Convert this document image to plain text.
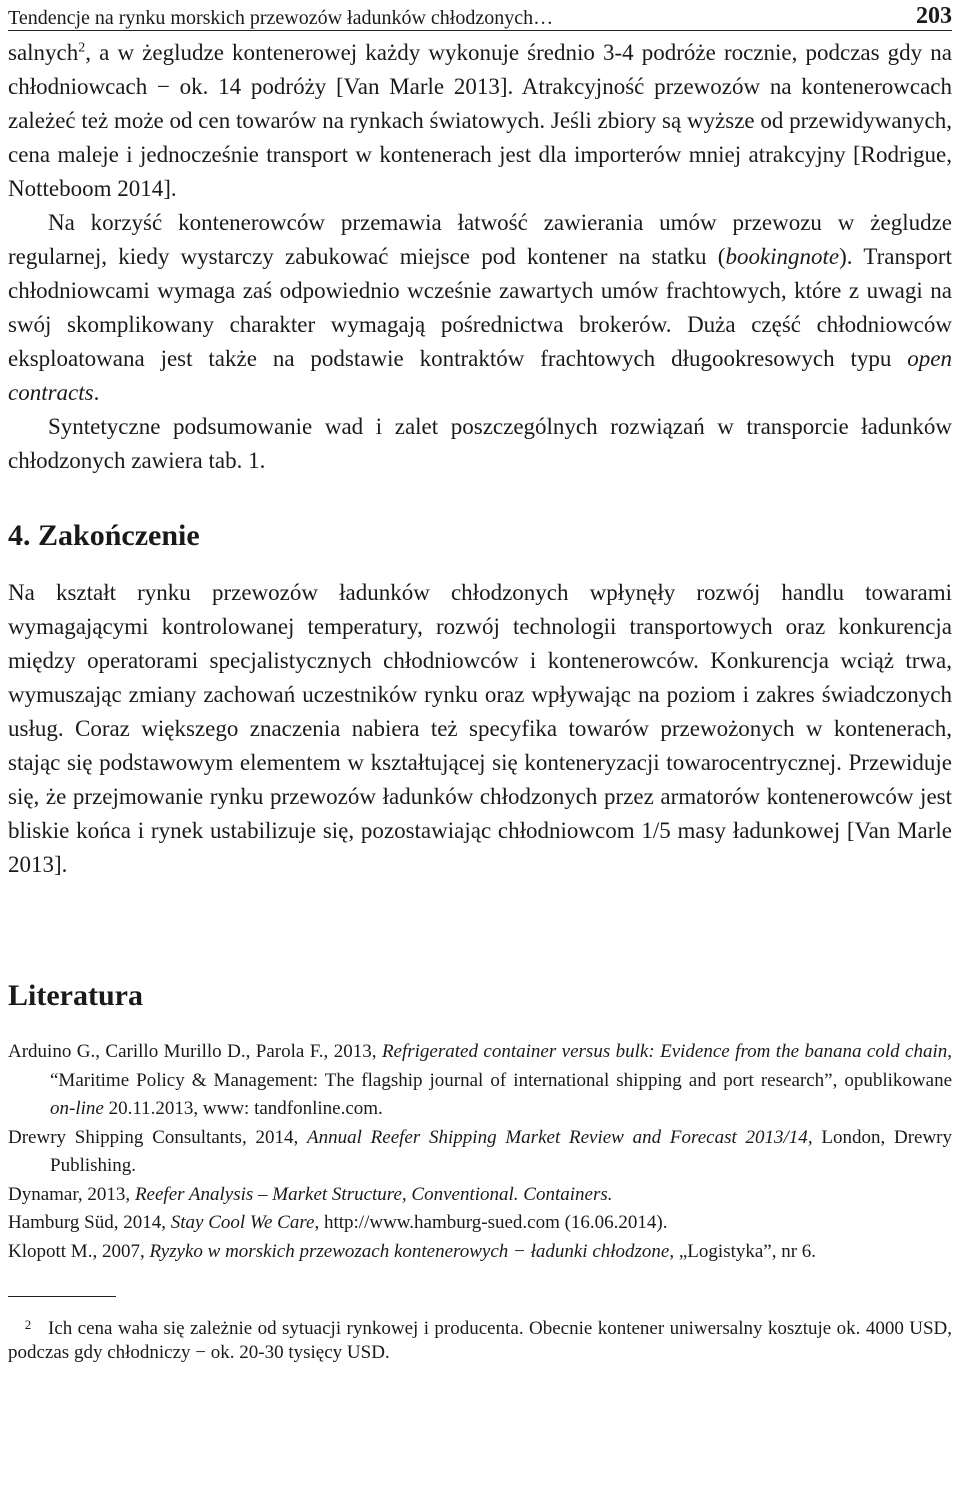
Tendencje na rynku morskich przewozów ładunków chłodzonych…	203

salnych$^2$, a w żegludze kontenerowej każdy wykonuje średnio 3-4 podróże rocznie, podczas gdy na chłodniowcach − ok. 14 podróży [Van Marle 2013]. Atrakcyjność przewozów na kontenerowcach zależeć też może od cen towarów na rynkach światowych. Jeśli zbiory są wyższe od przewidywanych, cena maleje i jednocześnie transport w kontenerach jest dla importerów mniej atrakcyjny [Rodrigue, Notteboom 2014].

Na korzyść kontenerowców przemawia łatwość zawierania umów przewozu w żegludze regularnej, kiedy wystarczy zabukować miejsce pod kontener na statku (bookingnote). Transport chłodniowcami wymaga zaś odpowiednio wcześnie zawartych umów frachtowych, które z uwagi na swój skomplikowany charakter wymagają pośrednictwa brokerów. Duża część chłodniowców eksploatowana jest także na podstawie kontraktów frachtowych długookresowych typu open contracts.

Syntetyczne podsumowanie wad i zalet poszczególnych rozwiązań w transporcie ładunków chłodzonych zawiera tab. 1.

4. Zakończenie

Na kształt rynku przewozów ładunków chłodzonych wpłynęły rozwój handlu towarami wymagającymi kontrolowanej temperatury, rozwój technologii transportowych oraz konkurencja między operatorami specjalistycznych chłodniowców i kontenerowców. Konkurencja wciąż trwa, wymuszając zmiany zachowań uczestników rynku oraz wpływając na poziom i zakres świadczonych usług. Coraz większego znaczenia nabiera też specyfika towarów przewożonych w kontenerach, stając się podstawowym elementem w kształtującej się konteneryzacji towarocentrycznej. Przewiduje się, że przejmowanie rynku przewozów ładunków chłodzonych przez armatorów kontenerowców jest bliskie końca i rynek ustabilizuje się, pozostawiając chłodniowcom 1/5 masy ładunkowej [Van Marle 2013].

Literatura
Arduino G., Carillo Murillo D., Parola F., 2013, Refrigerated container versus bulk: Evidence from the banana cold chain, “Maritime Policy & Management: The flagship journal of international shipping and port research”, opublikowane on-line 20.11.2013, www: tandfonline.com.
Drewry Shipping Consultants, 2014, Annual Reefer Shipping Market Review and Forecast 2013/14, London, Drewry Publishing.
Dynamar, 2013, Reefer Analysis – Market Structure, Conventional. Containers.
Hamburg Süd, 2014, Stay Cool We Care, http://www.hamburg-sued.com (16.06.2014).
Klopott M., 2007, Ryzyko w morskich przewozach kontenerowych − ładunki chłodzone, „Logistyka”, nr 6.
2 Ich cena waha się zależnie od sytuacji rynkowej i producenta. Obecnie kontener uniwersalny kosztuje ok. 4000 USD, podczas gdy chłodniczy − ok. 20-30 tysięcy USD.
